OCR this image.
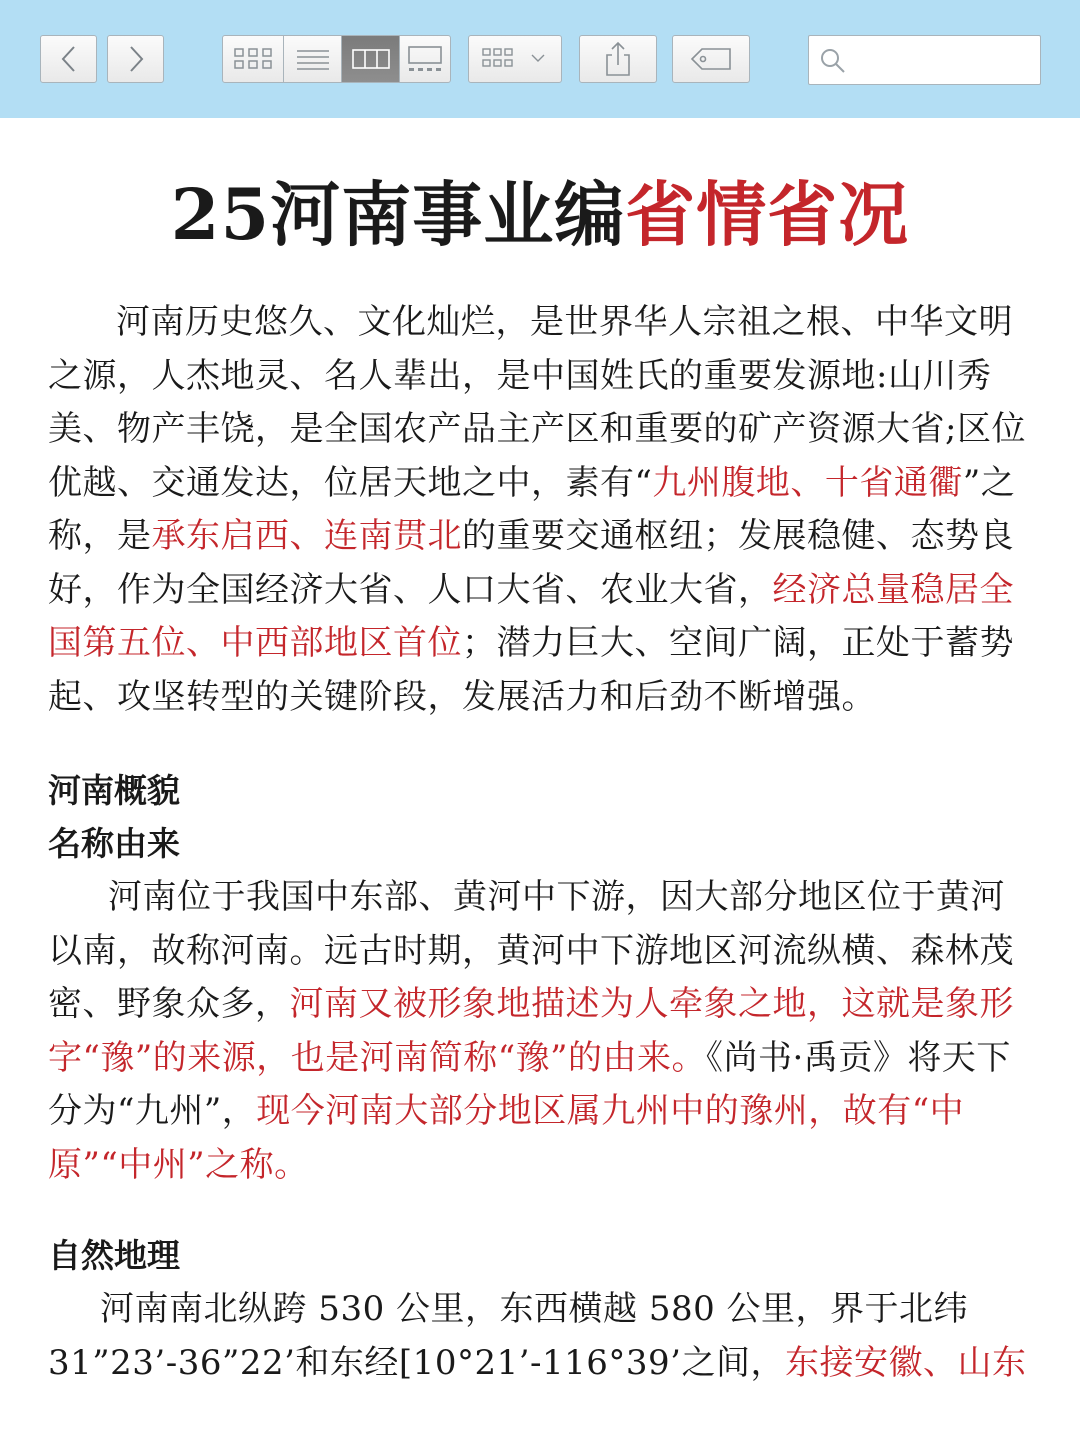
25河南事业编省情省况

河南历史悠久、文化灿烂，是世界华人宗祖之根、中华文明之源，人杰地灵、名人辈出，是中国姓氏的重要发源地:山川秀美、物产丰饶，是全国农产品主产区和重要的矿产资源大省;区位优越、交通发达，位居天地之中，素有“九州腹地、十省通衢”之称，是承东启西、连南贯北的重要交通枢纽；发展稳健、态势良好，作为全国经济大省、人口大省、农业大省，经济总量稳居全国第五位、中西部地区首位；潜力巨大、空间广阔，正处于蓄势起、攻坚转型的关键阶段，发展活力和后劲不断增强。

河南概貌

名称由来

河南位于我国中东部、黄河中下游，因大部分地区位于黄河以南，故称河南。远古时期，黄河中下游地区河流纵横、森林茂密、野象众多，河南又被形象地描述为人牵象之地，这就是象形字“豫”的来源，也是河南简称“豫”的由来。《尚书·禹贡》将天下分为“九州”，现今河南大部分地区属九州中的豫州，故有“中原”“中州”之称。

自然地理

河南南北纵跨 530 公里，东西横越 580 公里，界于北纬 31”23’-36”22’和东经[10°21’-116°39’之间，东接安徽、山东
